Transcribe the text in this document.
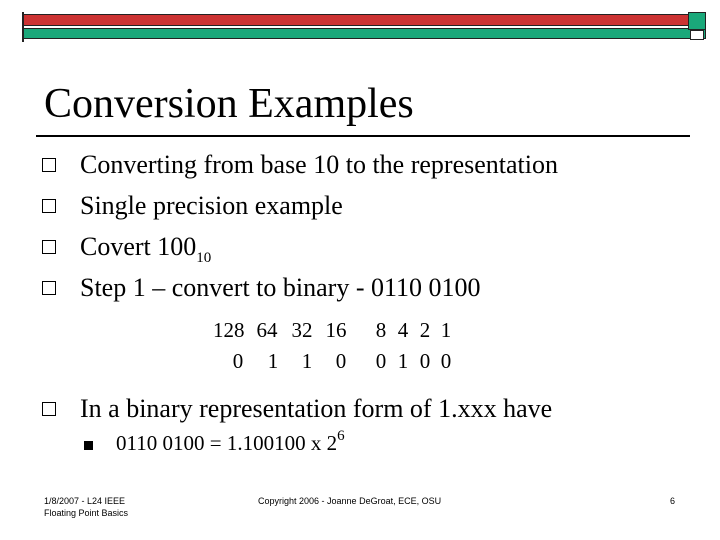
Conversion Examples
Converting from base 10 to the representation
Single precision example
Covert $100_{10}$
Step 1 – convert to binary - 0110 0100
128 64 32 16	8 4 2 1
0	1	1	0	0 1 0 0
In a binary representation form of 1.xxx have
0110 0100 = 1.100100 x $2^6$
1/8/2007 - L24 IEEE
Floating Point Basics
Copyright 2006 - Joanne DeGroat, ECE, OSU	6
